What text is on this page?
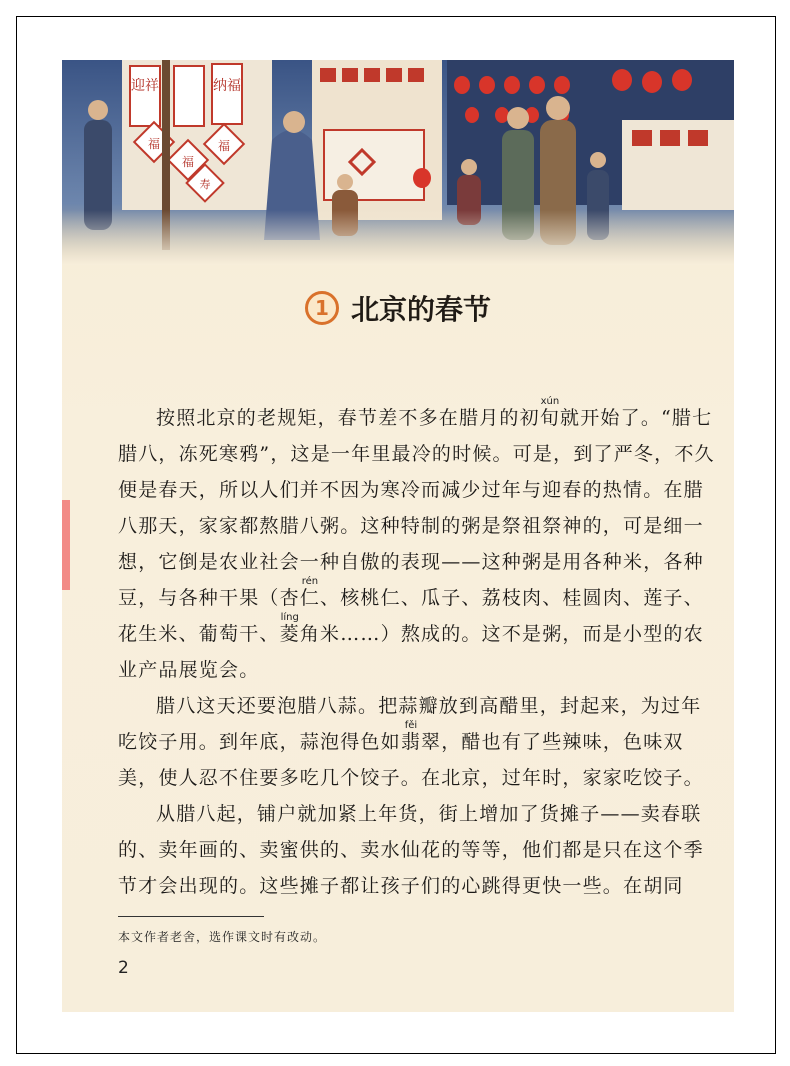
迎祥	纳福
福
福
福
寿
1 北京的春节

按照北京的老规矩，春节差不多在腊月的初旬xún就开始了。“腊七腊八，冻死寒鸦”，这是一年里最冷的时候。可是，到了严冬，不久便是春天，所以人们并不因为寒冷而减少过年与迎春的热情。在腊八那天，家家都熬腊八粥。这种特制的粥是祭祖祭神的，可是细一想，它倒是农业社会一种自傲的表现——这种粥是用各种米，各种豆，与各种干果（杏仁rén、核桃仁、瓜子、荔枝肉、桂圆肉、莲子、花生米、葡萄干、菱líng角米……）熬成的。这不是粥，而是小型的农业产品展览会。

腊八这天还要泡腊八蒜。把蒜瓣放到高醋里，封起来，为过年吃饺子用。到年底，蒜泡得色如翡fěi翠，醋也有了些辣味，色味双美，使人忍不住要多吃几个饺子。在北京，过年时，家家吃饺子。

从腊八起，铺户就加紧上年货，街上增加了货摊子——卖春联的、卖年画的、卖蜜供的、卖水仙花的等等，他们都是只在这个季节才会出现的。这些摊子都让孩子们的心跳得更快一些。在胡同

本文作者老舍，选作课文时有改动。
2
